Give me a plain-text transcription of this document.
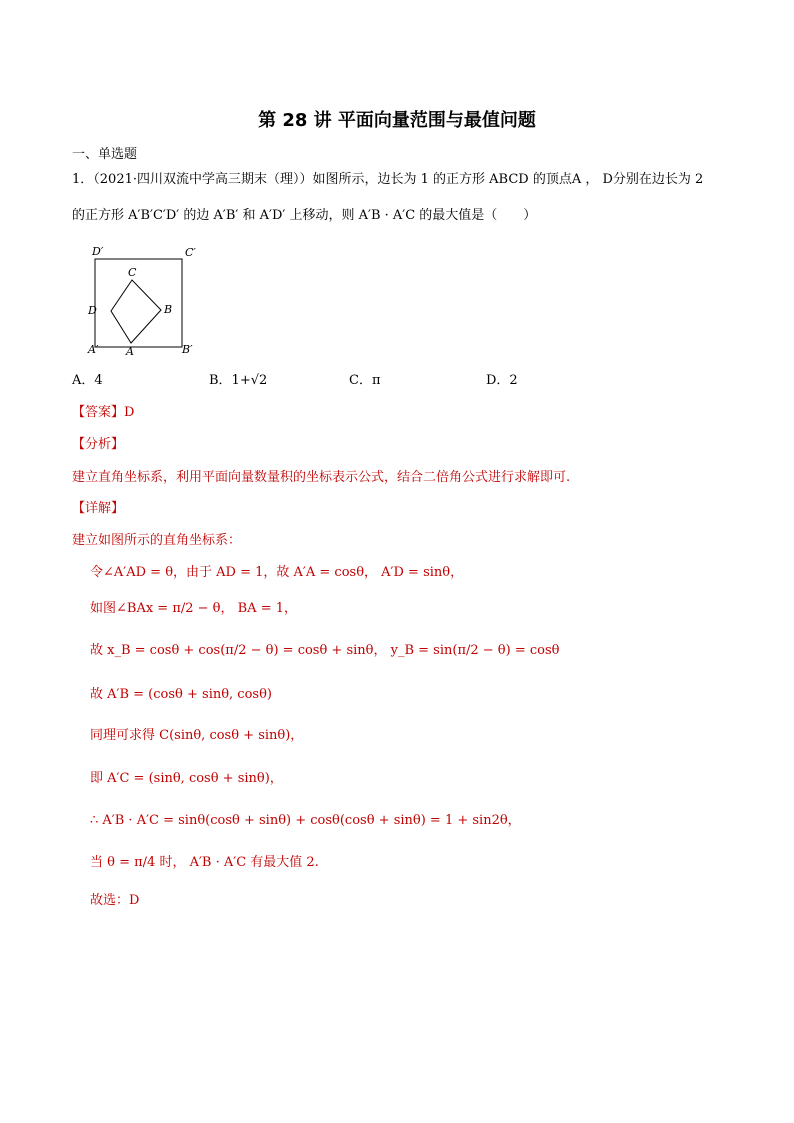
第 28 讲 平面向量范围与最值问题
一、单选题
1．（2021·四川双流中学高三期末（理））如图所示，边长为 1 的正方形 ABCD 的顶点A ， D分别在边长为 2
的正方形 A′B′C′D′ 的边 A′B′ 和 A′D′ 上移动，则 A′B · A′C 的最大值是（　　）
D′	C′
C
D	B
A′	A	B′
A．4	B．1+√2	C．π	D．2
【答案】D
【分析】
建立直角坐标系，利用平面向量数量积的坐标表示公式，结合二倍角公式进行求解即可.
【详解】
建立如图所示的直角坐标系：
令∠A′AD = θ，由于 AD = 1，故 A′A = cosθ， A′D = sinθ，
如图∠BAx = π/2 − θ， BA = 1，
故 x_B = cosθ + cos(π/2 − θ) = cosθ + sinθ， y_B = sin(π/2 − θ) = cosθ
故 A′B = (cosθ + sinθ, cosθ)
同理可求得 C(sinθ, cosθ + sinθ)，
即 A′C = (sinθ, cosθ + sinθ)，
∴ A′B · A′C = sinθ(cosθ + sinθ) + cosθ(cosθ + sinθ) = 1 + sin2θ，
当 θ = π/4 时， A′B · A′C 有最大值 2.
故选：D
